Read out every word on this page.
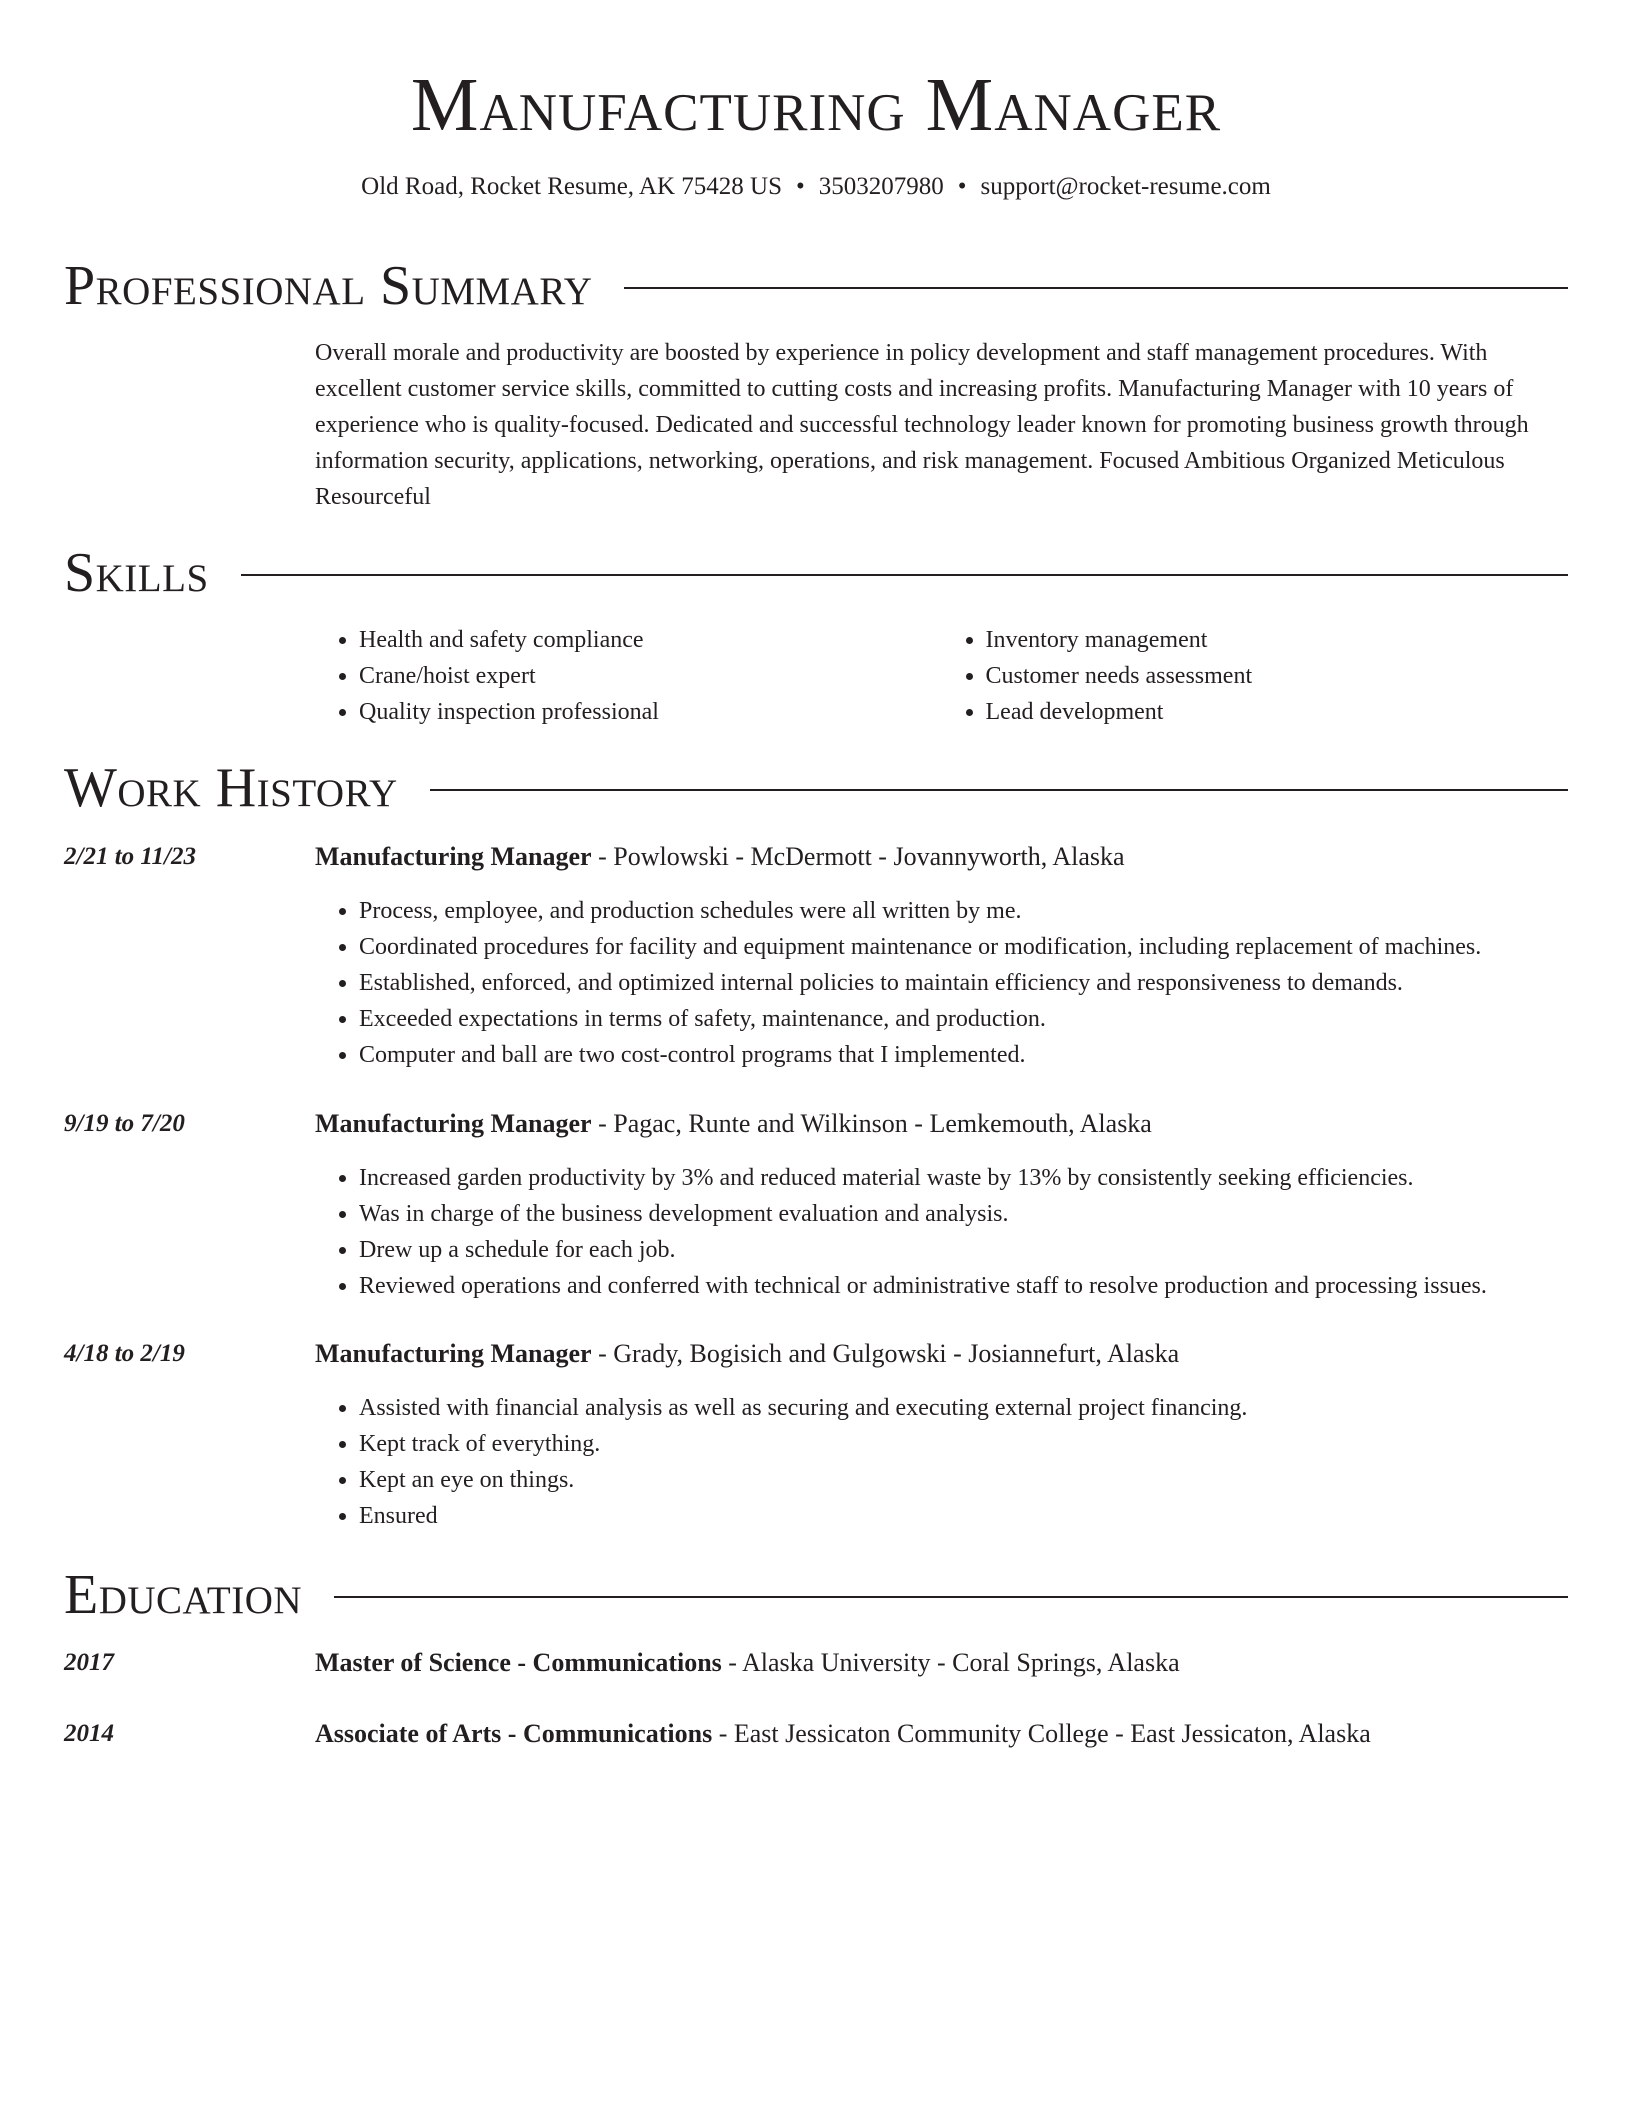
Manufacturing Manager
Old Road, Rocket Resume, AK 75428 US • 3503207980 • support@rocket-resume.com
Professional Summary

Overall morale and productivity are boosted by experience in policy development and staff management procedures. With excellent customer service skills, committed to cutting costs and increasing profits. Manufacturing Manager with 10 years of experience who is quality-focused. Dedicated and successful technology leader known for promoting business growth through information security, applications, networking, operations, and risk management. Focused Ambitious Organized Meticulous Resourceful

Skills
• Health and safety compliance
• Crane/hoist expert
• Quality inspection professional
• Inventory management
• Customer needs assessment
• Lead development
Work History
2/21 to 11/23	Manufacturing Manager - Powlowski - McDermott - Jovannyworth, Alaska
• Process, employee, and production schedules were all written by me.
• Coordinated procedures for facility and equipment maintenance or modification, including replacement of machines.
• Established, enforced, and optimized internal policies to maintain efficiency and responsiveness to demands.
• Exceeded expectations in terms of safety, maintenance, and production.
• Computer and ball are two cost-control programs that I implemented.
9/19 to 7/20	Manufacturing Manager - Pagac, Runte and Wilkinson - Lemkemouth, Alaska
• Increased garden productivity by 3% and reduced material waste by 13% by consistently seeking efficiencies.
• Was in charge of the business development evaluation and analysis.
• Drew up a schedule for each job.
• Reviewed operations and conferred with technical or administrative staff to resolve production and processing issues.
4/18 to 2/19	Manufacturing Manager - Grady, Bogisich and Gulgowski - Josiannefurt, Alaska
• Assisted with financial analysis as well as securing and executing external project financing.
• Kept track of everything.
• Kept an eye on things.
• Ensured
Education
2017	Master of Science - Communications - Alaska University - Coral Springs, Alaska
2014	Associate of Arts - Communications - East Jessicaton Community College - East Jessicaton, Alaska
